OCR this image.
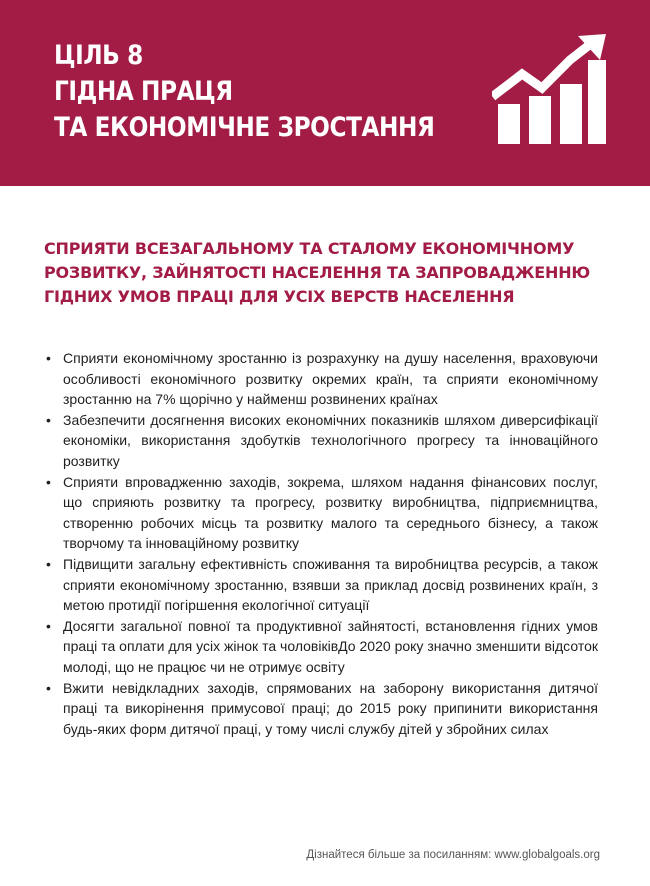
ЦІЛЬ 8
ГІДНА ПРАЦЯ
ТА ЕКОНОМІЧНЕ ЗРОСТАННЯ
СПРИЯТИ ВСЕЗАГАЛЬНОМУ ТА СТАЛОМУ ЕКОНОМІЧНОМУ РОЗВИТКУ, ЗАЙНЯТОСТІ НАСЕЛЕННЯ ТА ЗАПРОВАДЖЕННЮ ГІДНИХ УМОВ ПРАЦІ ДЛЯ УСІХ ВЕРСТВ НАСЕЛЕННЯ
• Сприяти економічному зростанню із розрахунку на душу населення, враховуючи особливості економічного розвитку окремих країн, та сприяти економічному зростанню на 7% щорічно у найменш розвинених країнах
• Забезпечити досягнення високих економічних показників шляхом диверсифікації економіки, використання здобутків технологічного прогресу та інноваційного розвитку
• Сприяти впровадженню заходів, зокрема, шляхом надання фінансових послуг, що сприяють розвитку та прогресу, розвитку виробництва, підприємництва, створенню робочих місць та розвитку малого та середнього бізнесу, а також творчому та інноваційному розвитку
• Підвищити загальну ефективність споживання та виробництва ресурсів, а також сприяти економічному зростанню, взявши за приклад досвід розвинених країн, з метою протидії погіршення екологічної ситуації
• Досягти загальної повної та продуктивної зайнятості, встановлення гідних умов праці та оплати для усіх жінок та чоловіківДо 2020 року значно зменшити відсоток молоді, що не працює чи не отримує освіту
• Вжити невідкладних заходів, спрямованих на заборону використання дитячої праці та викорінення примусової праці; до 2015 року припинити використання будь-яких форм дитячої праці, у тому числі службу дітей у збройних силах
Дізнайтеся більше за посиланням: www.globalgoals.org
